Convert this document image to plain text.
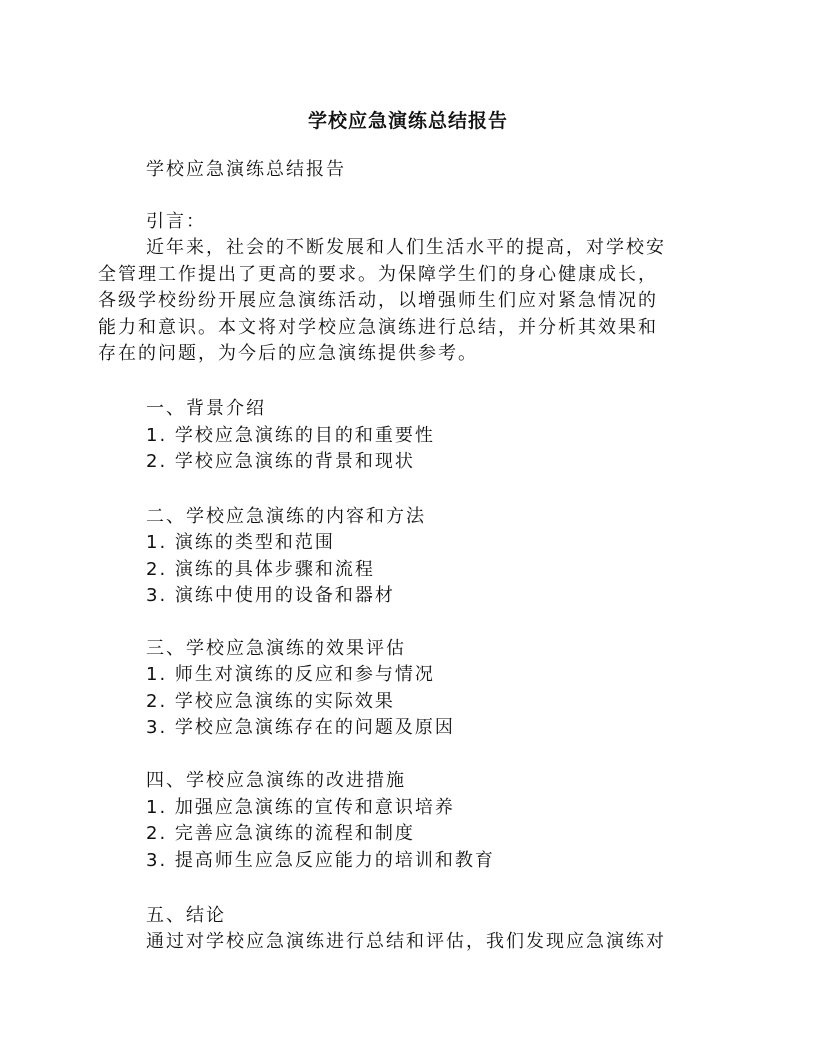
学校应急演练总结报告
学校应急演练总结报告
引言：
近年来，社会的不断发展和人们生活水平的提高，对学校安
全管理工作提出了更高的要求。为保障学生们的身心健康成长，
各级学校纷纷开展应急演练活动，以增强师生们应对紧急情况的
能力和意识。本文将对学校应急演练进行总结，并分析其效果和
存在的问题，为今后的应急演练提供参考。
一、背景介绍
1. 学校应急演练的目的和重要性
2. 学校应急演练的背景和现状
二、学校应急演练的内容和方法
1. 演练的类型和范围
2. 演练的具体步骤和流程
3. 演练中使用的设备和器材
三、学校应急演练的效果评估
1. 师生对演练的反应和参与情况
2. 学校应急演练的实际效果
3. 学校应急演练存在的问题及原因
四、学校应急演练的改进措施
1. 加强应急演练的宣传和意识培养
2. 完善应急演练的流程和制度
3. 提高师生应急反应能力的培训和教育
五、结论
通过对学校应急演练进行总结和评估，我们发现应急演练对
